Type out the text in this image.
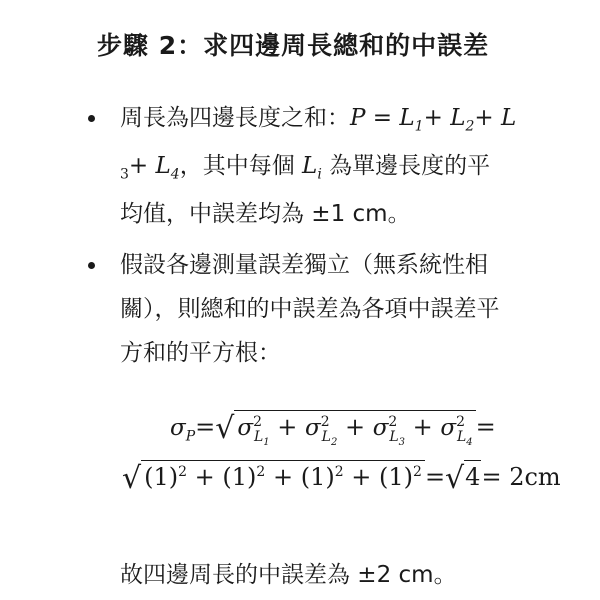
步驟 2：求四邊周長總和的中誤差
周長為四邊長度之和：$P = L_1+ L_2+ L$
$_3+ L_4$，其中每個 $L_i$ 為單邊長度的平
均值，中誤差均為 ±1 cm。
假設各邊測量誤差獨立（無系統性相
關），則總和的中誤差為各項中誤差平
方和的平方根：
$\sigma_P=√$ $\sigma^2_{L_1} + \sigma^2_{L_2} + \sigma^2_{L_3} + \sigma^2_{L_4}=$
√ $(1)^2 + (1)^2 + (1)^2 + (1)^2 =√4= 2cm$
故四邊周長的中誤差為 ±2 cm。
